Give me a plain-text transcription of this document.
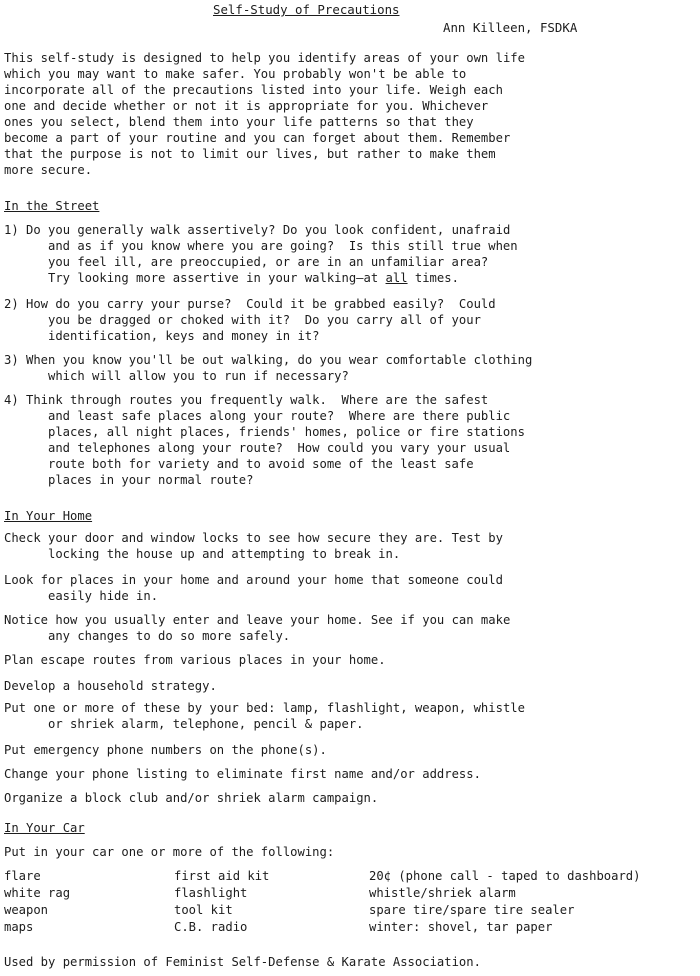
Self-Study of Precautions
Ann Killeen, FSDKA
This self-study is designed to help you identify areas of your own life
which you may want to make safer. You probably won't be able to
incorporate all of the precautions listed into your life. Weigh each
one and decide whether or not it is appropriate for you. Whichever
ones you select, blend them into your life patterns so that they
become a part of your routine and you can forget about them. Remember
that the purpose is not to limit our lives, but rather to make them
more secure.
In the Street
1) Do you generally walk assertively? Do you look confident, unafraid
and as if you know where you are going?  Is this still true when
you feel ill, are preoccupied, or are in an unfamiliar area?
Try looking more assertive in your walking—at all times.
2) How do you carry your purse?  Could it be grabbed easily?  Could
you be dragged or choked with it?  Do you carry all of your
identification, keys and money in it?
3) When you know you'll be out walking, do you wear comfortable clothing
which will allow you to run if necessary?
4) Think through routes you frequently walk.  Where are the safest
and least safe places along your route?  Where are there public
places, all night places, friends' homes, police or fire stations
and telephones along your route?  How could you vary your usual
route both for variety and to avoid some of the least safe
places in your normal route?
In Your Home
Check your door and window locks to see how secure they are. Test by
locking the house up and attempting to break in.
Look for places in your home and around your home that someone could
easily hide in.
Notice how you usually enter and leave your home. See if you can make
any changes to do so more safely.
Plan escape routes from various places in your home.
Develop a household strategy.
Put one or more of these by your bed: lamp, flashlight, weapon, whistle
or shriek alarm, telephone, pencil & paper.
Put emergency phone numbers on the phone(s).
Change your phone listing to eliminate first name and/or address.
Organize a block club and/or shriek alarm campaign.
In Your Car
Put in your car one or more of the following:
flare	first aid kit	20¢ (phone call - taped to dashboard)
white rag	flashlight	whistle/shriek alarm
weapon	tool kit	spare tire/spare tire sealer
maps	C.B. radio	winter: shovel, tar paper
Used by permission of Feminist Self-Defense & Karate Association.
